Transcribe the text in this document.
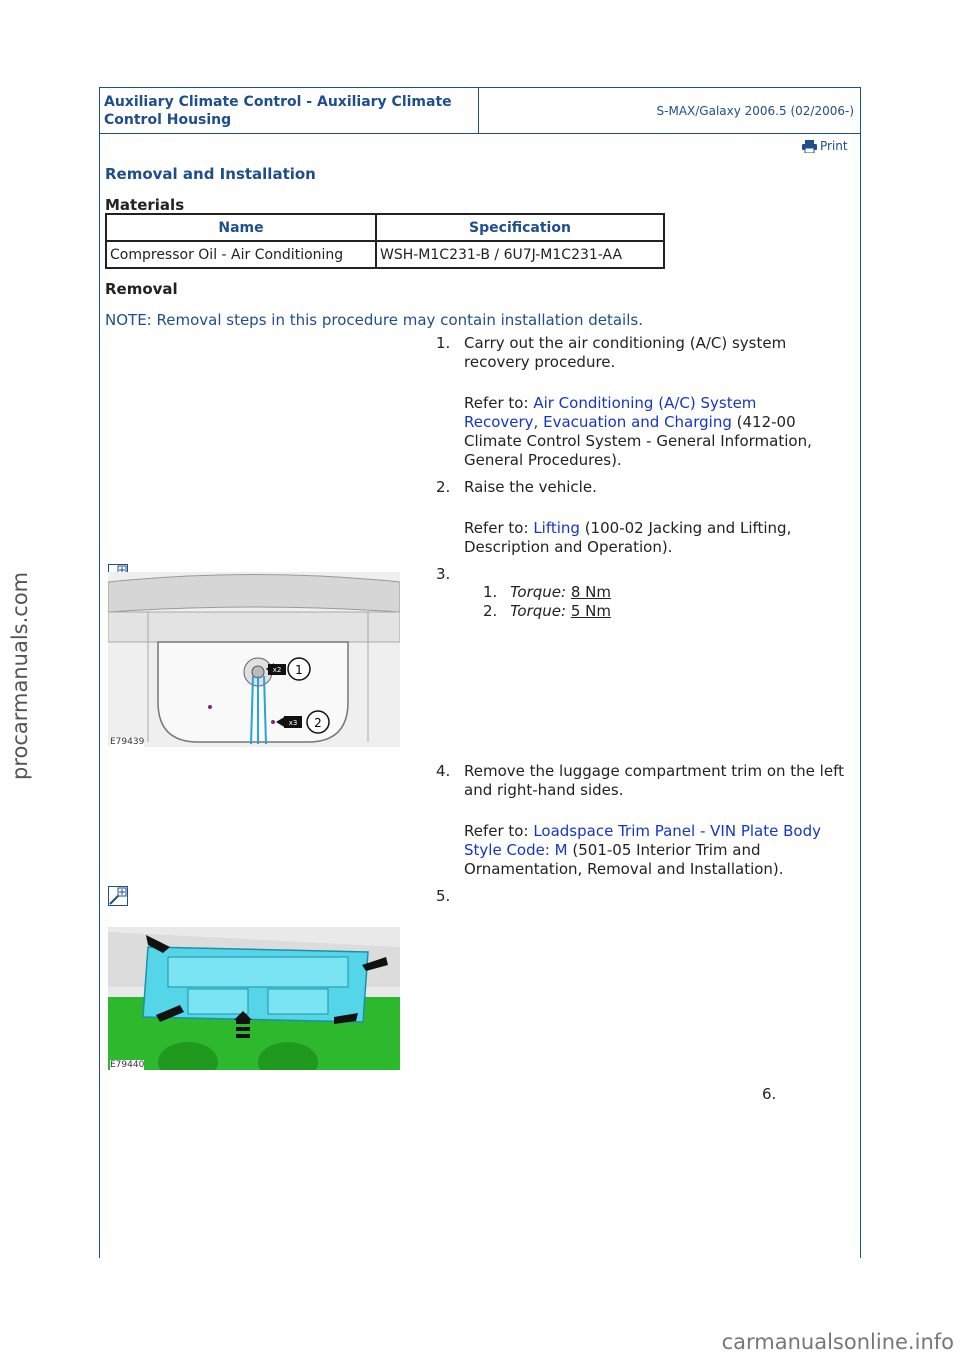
Auxiliary Climate Control - Auxiliary Climate Control Housing
S-MAX/Galaxy 2006.5 (02/2006-)
Print
Removal and Installation
Materials
Name	Specification
Compressor Oil - Air Conditioning	WSH-M1C231-B / 6U7J-M1C231-AA
Removal
NOTE: Removal steps in this procedure may contain installation details.
1. Carry out the air conditioning (A/C) system recovery procedure.
Refer to: Air Conditioning (A/C) System Recovery, Evacuation and Charging (412-00 Climate Control System - General Information, General Procedures).
2. Raise the vehicle.
Refer to: Lifting (100-02 Jacking and Lifting, Description and Operation).
3.
1. Torque: 8 Nm
2. Torque: 5 Nm
x2 1
x3 2
E79439
4. Remove the luggage compartment trim on the left and right-hand sides.
Refer to: Loadspace Trim Panel - VIN Plate Body Style Code: M (501-05 Interior Trim and Ornamentation, Removal and Installation).
5.
E79440
6.
procarmanuals.com
carmanualsonline.info
